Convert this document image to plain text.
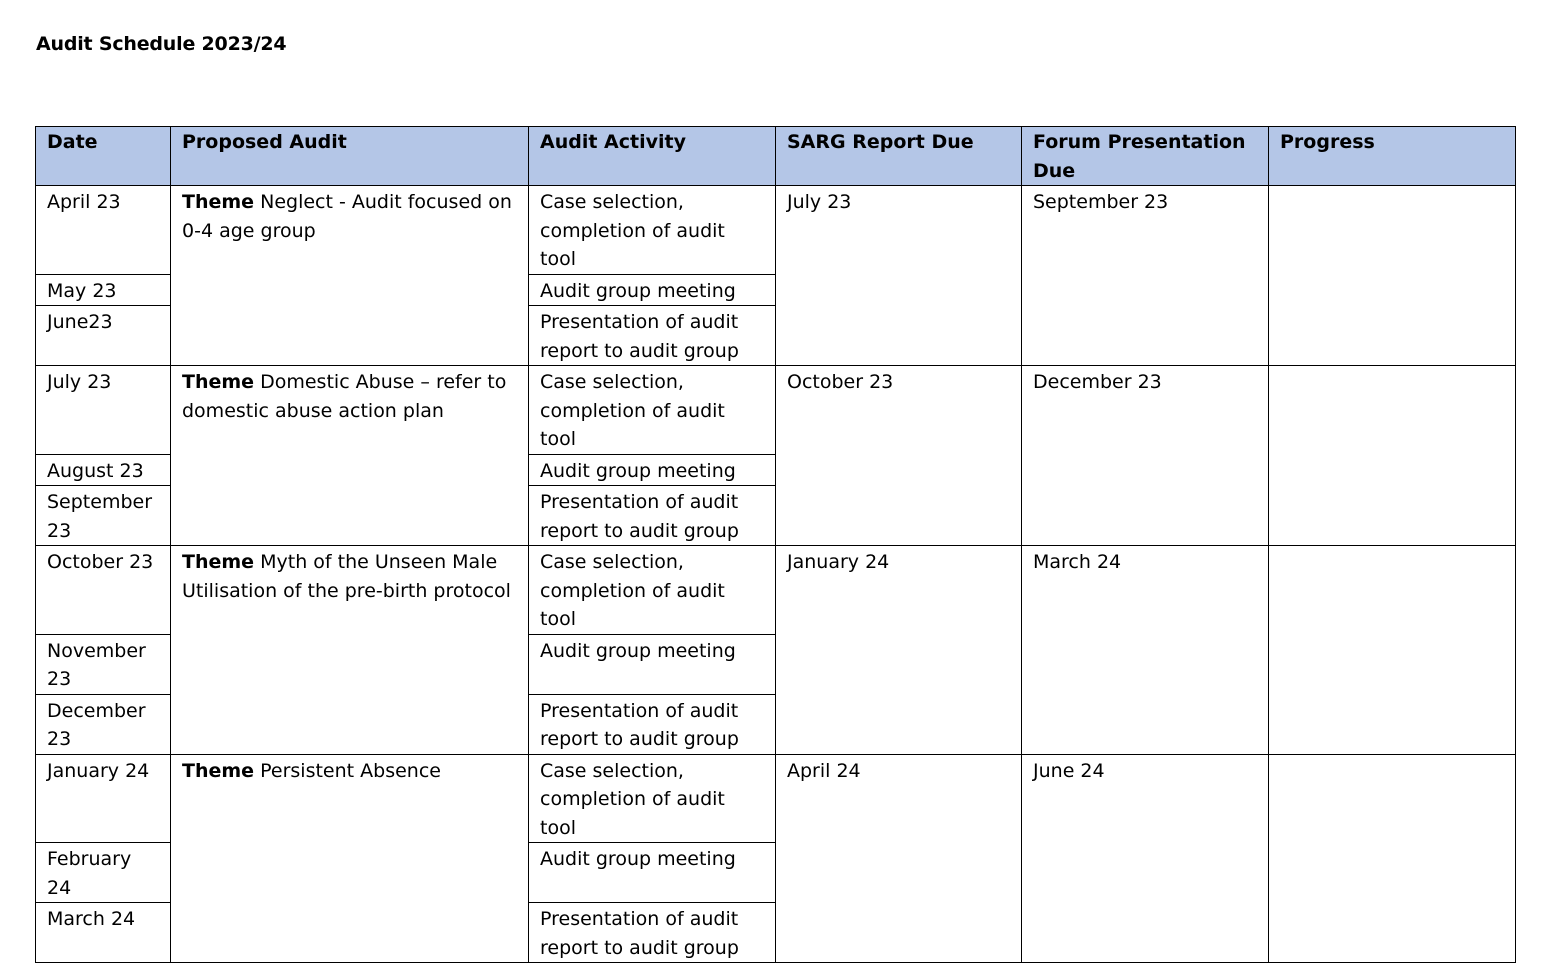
Audit Schedule 2023/24
Date	Proposed Audit	Audit Activity	SARG Report Due	Forum Presentation Due	Progress
April 23	Theme Neglect - Audit focused on 0-4 age group	Case selection, completion of audit tool	July 23	September 23	
May 23		Audit group meeting			
June23		Presentation of audit report to audit group			
July 23	Theme Domestic Abuse – refer to domestic abuse action plan	Case selection, completion of audit tool	October 23	December 23	
August 23		Audit group meeting			
September 23		Presentation of audit report to audit group			
October 23	Theme Myth of the Unseen Male Utilisation of the pre-birth protocol	Case selection, completion of audit tool	January 24	March 24	
November 23		Audit group meeting			
December 23		Presentation of audit report to audit group			
January 24	Theme Persistent Absence	Case selection, completion of audit tool	April 24	June 24	
February 24		Audit group meeting			
March 24		Presentation of audit report to audit group			
